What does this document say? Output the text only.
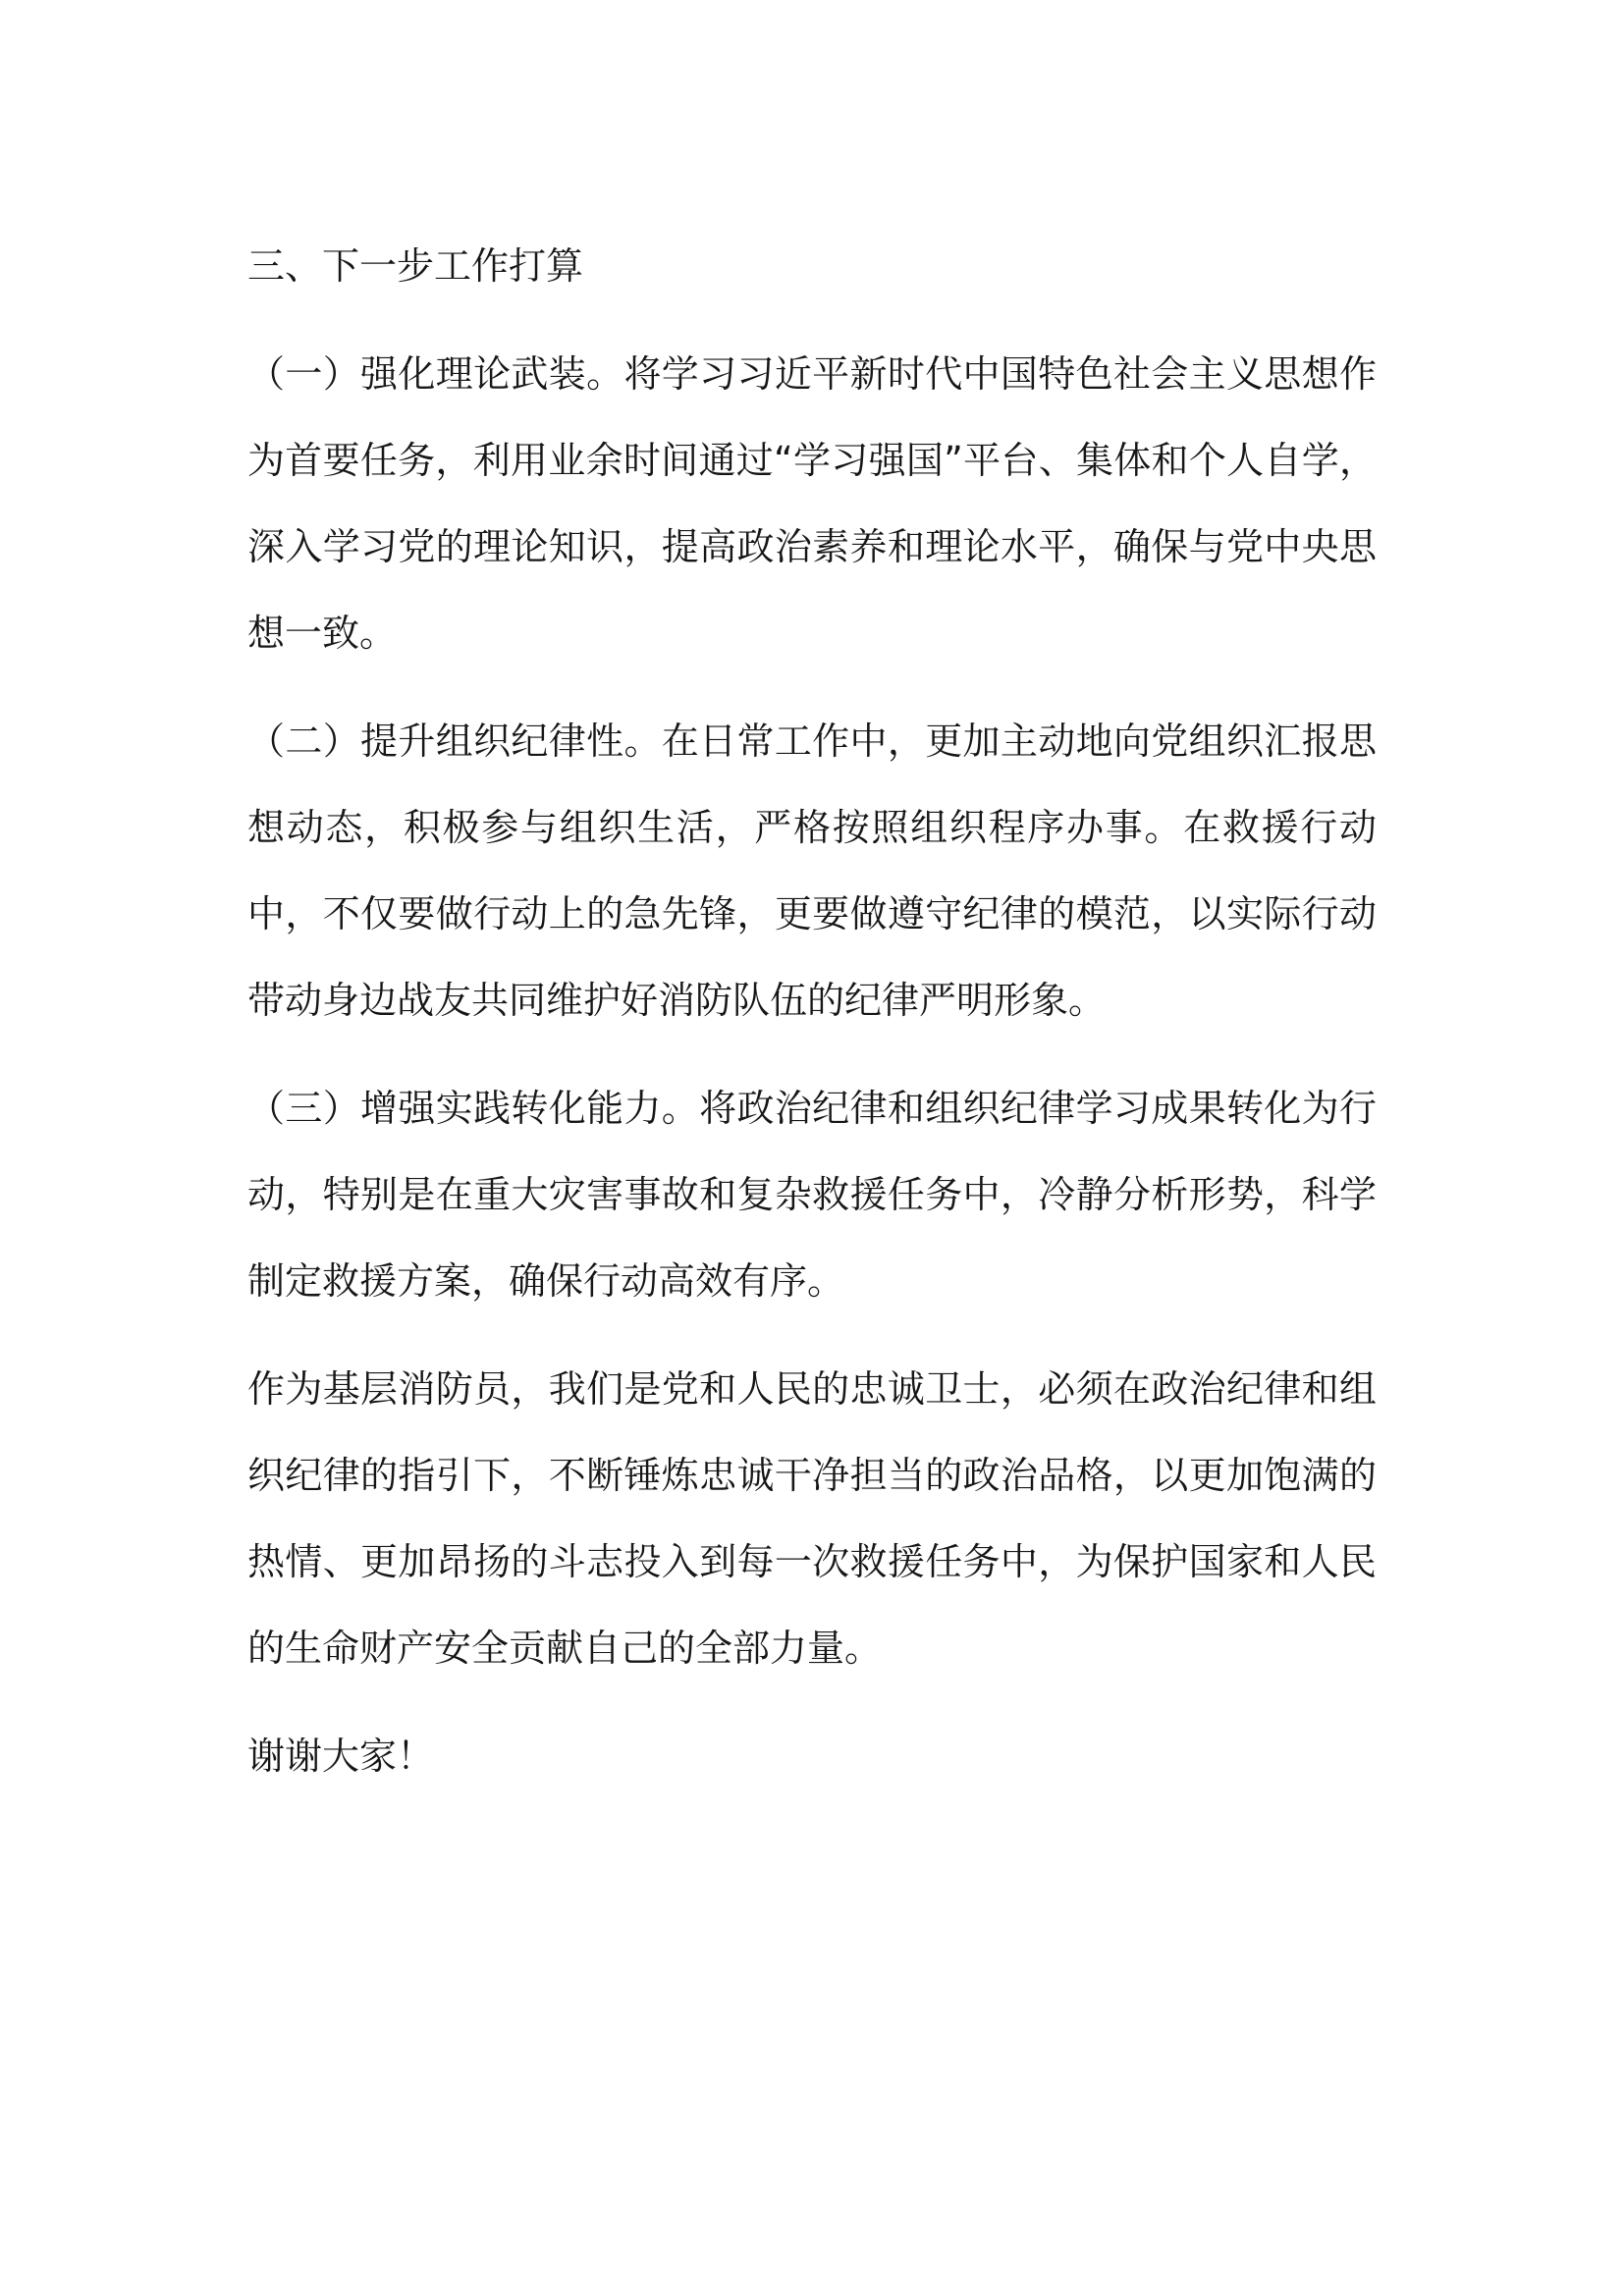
三、下一步工作打算

（一）强化理论武装。将学习习近平新时代中国特色社会主义思想作为首要任务，利用业余时间通过“学习强国”平台、集体和个人自学，深入学习党的理论知识，提高政治素养和理论水平，确保与党中央思想一致。

（二）提升组织纪律性。在日常工作中，更加主动地向党组织汇报思想动态，积极参与组织生活，严格按照组织程序办事。在救援行动中，不仅要做行动上的急先锋，更要做遵守纪律的模范，以实际行动带动身边战友共同维护好消防队伍的纪律严明形象。

（三）增强实践转化能力。将政治纪律和组织纪律学习成果转化为行动，特别是在重大灾害事故和复杂救援任务中，冷静分析形势，科学制定救援方案，确保行动高效有序。

作为基层消防员，我们是党和人民的忠诚卫士，必须在政治纪律和组织纪律的指引下，不断锤炼忠诚干净担当的政治品格，以更加饱满的热情、更加昂扬的斗志投入到每一次救援任务中，为保护国家和人民的生命财产安全贡献自己的全部力量。

谢谢大家！
